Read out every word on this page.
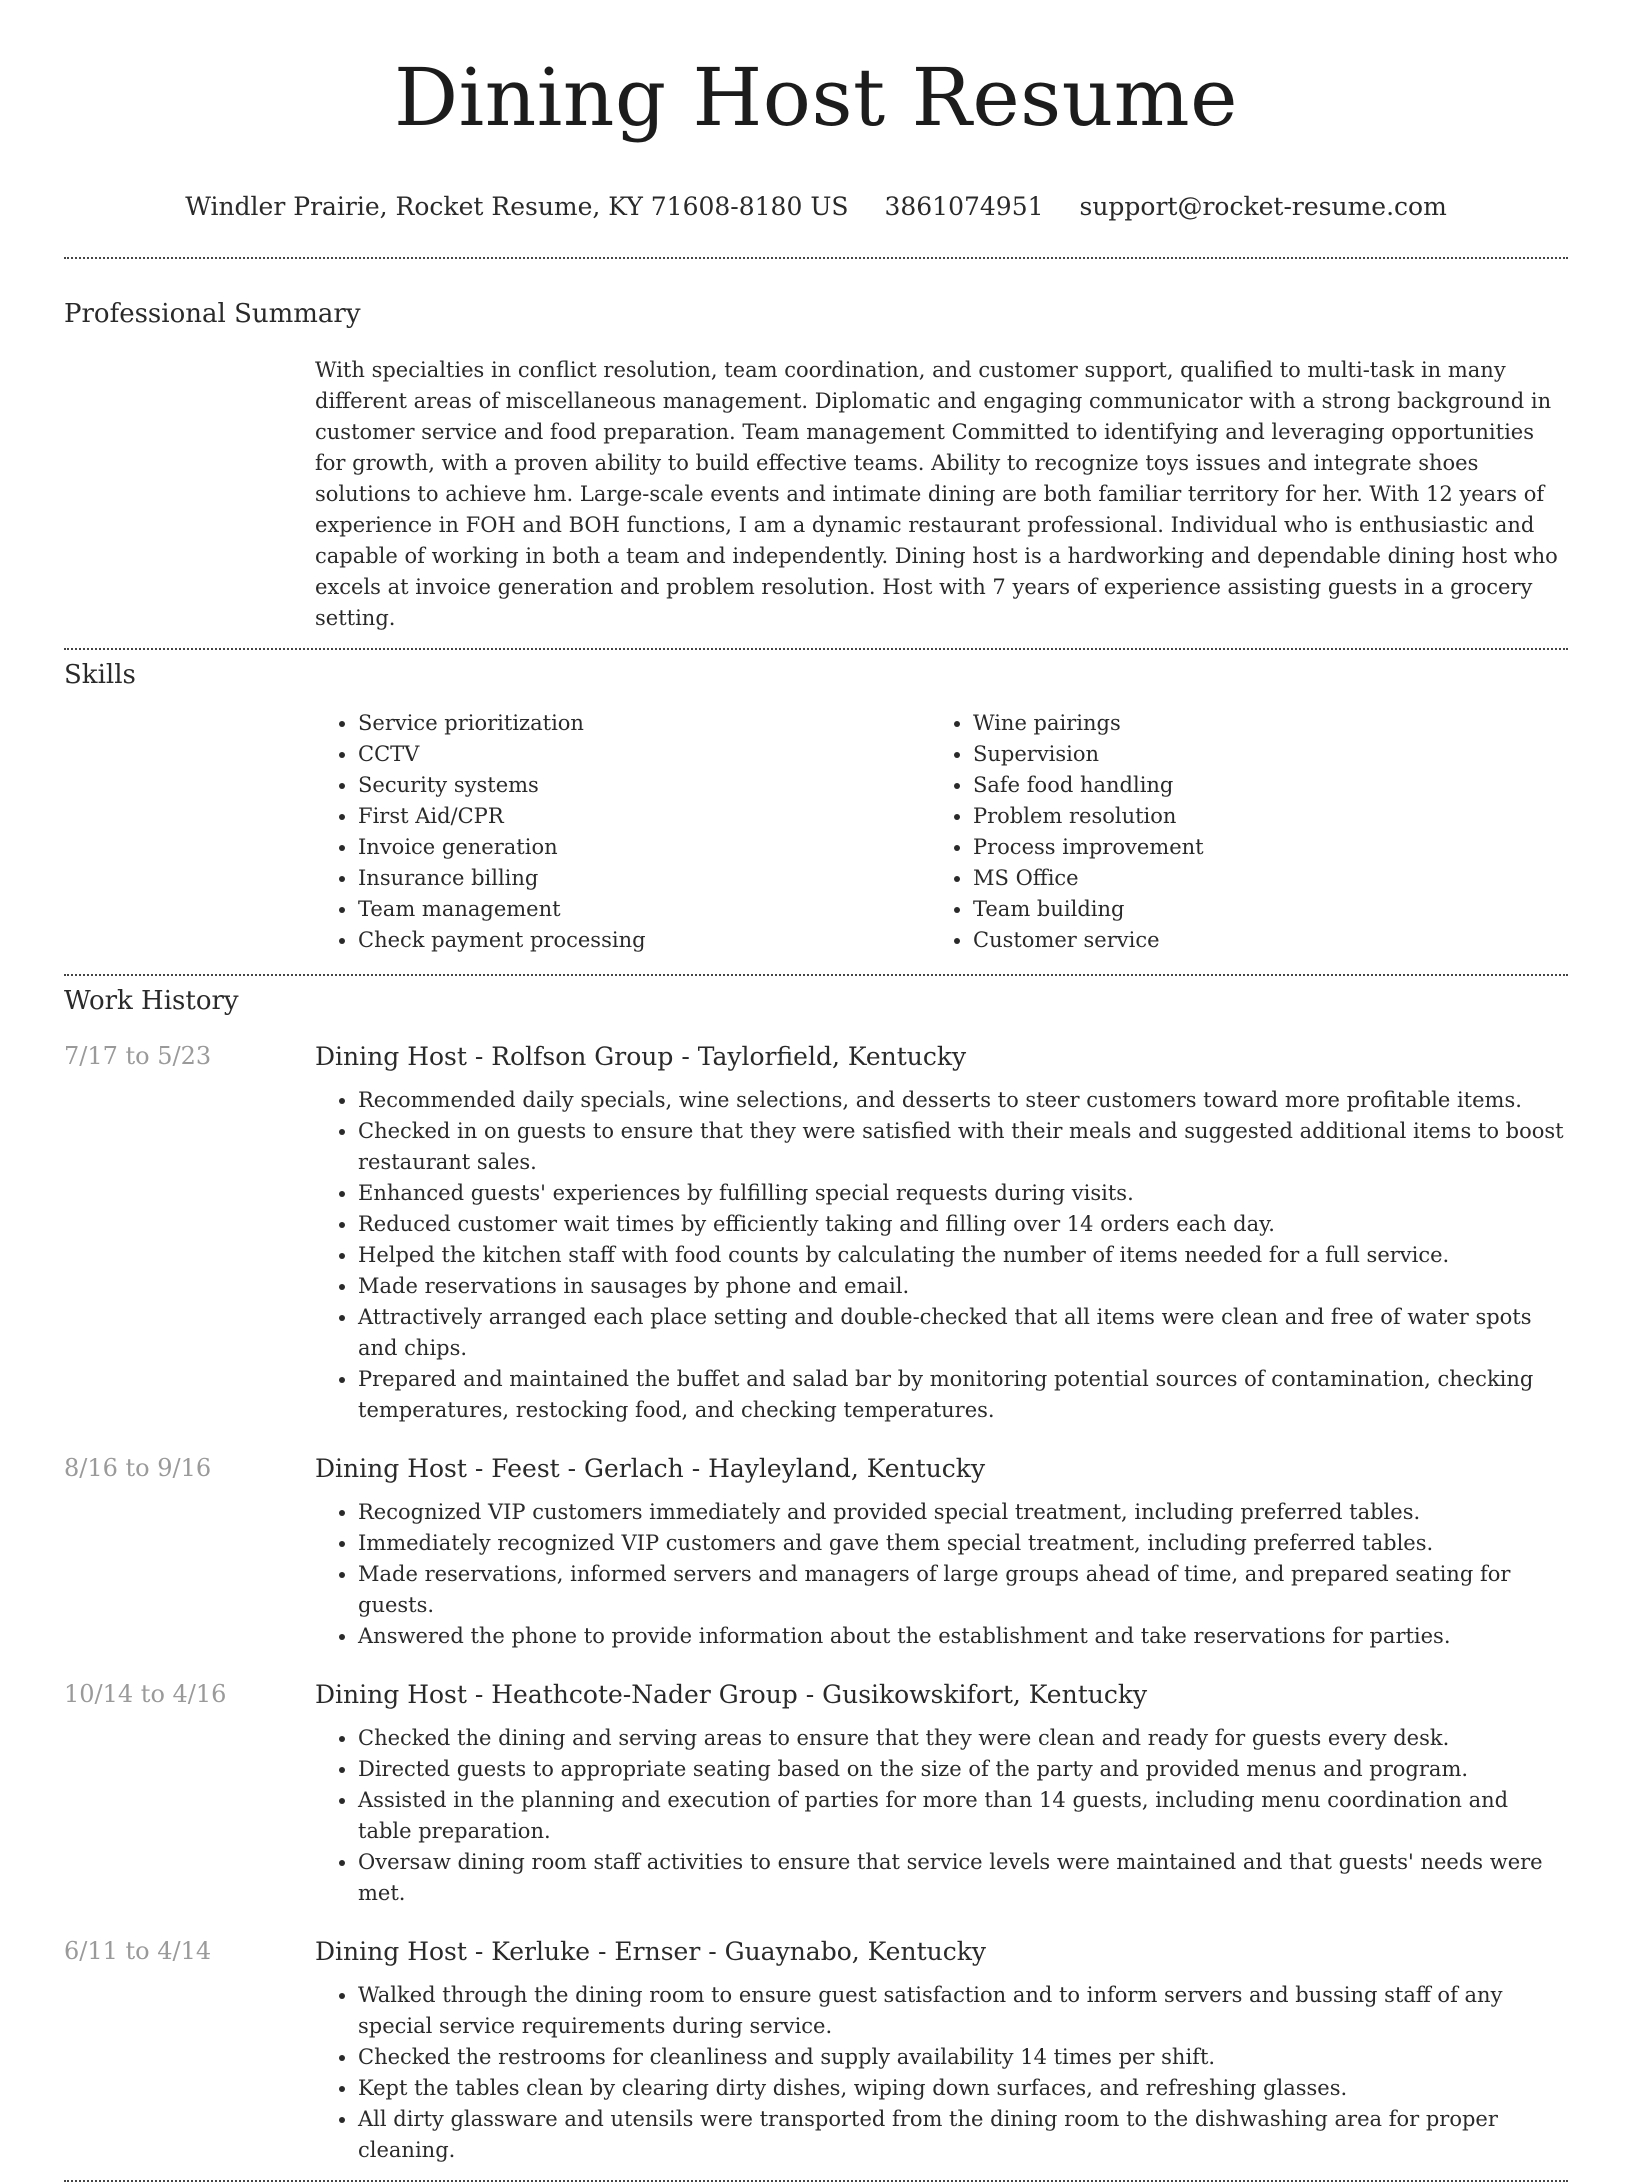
Dining Host Resume
Windler Prairie, Rocket Resume, KY 71608-8180 US 3861074951 support@rocket-resume.com
Professional Summary

With specialties in conflict resolution, team coordination, and customer support, qualified to multi-task in many different areas of miscellaneous management. Diplomatic and engaging communicator with a strong background in customer service and food preparation. Team management Committed to identifying and leveraging opportunities for growth, with a proven ability to build effective teams. Ability to recognize toys issues and integrate shoes solutions to achieve hm. Large-scale events and intimate dining are both familiar territory for her. With 12 years of experience in FOH and BOH functions, I am a dynamic restaurant professional. Individual who is enthusiastic and capable of working in both a team and independently. Dining host is a hardworking and dependable dining host who excels at invoice generation and problem resolution. Host with 7 years of experience assisting guests in a grocery setting.

Skills
• Service prioritization
• CCTV
• Security systems
• First Aid/CPR
• Invoice generation
• Insurance billing
• Team management
• Check payment processing
• Wine pairings
• Supervision
• Safe food handling
• Problem resolution
• Process improvement
• MS Office
• Team building
• Customer service
Work History
7/17 to 5/23	Dining Host - Rolfson Group - Taylorfield, Kentucky
• Recommended daily specials, wine selections, and desserts to steer customers toward more profitable items.
• Checked in on guests to ensure that they were satisfied with their meals and suggested additional items to boost restaurant sales.
• Enhanced guests' experiences by fulfilling special requests during visits.
• Reduced customer wait times by efficiently taking and filling over 14 orders each day.
• Helped the kitchen staff with food counts by calculating the number of items needed for a full service.
• Made reservations in sausages by phone and email.
• Attractively arranged each place setting and double-checked that all items were clean and free of water spots and chips.
• Prepared and maintained the buffet and salad bar by monitoring potential sources of contamination, checking temperatures, restocking food, and checking temperatures.
8/16 to 9/16	Dining Host - Feest - Gerlach - Hayleyland, Kentucky
• Recognized VIP customers immediately and provided special treatment, including preferred tables.
• Immediately recognized VIP customers and gave them special treatment, including preferred tables.
• Made reservations, informed servers and managers of large groups ahead of time, and prepared seating for guests.
• Answered the phone to provide information about the establishment and take reservations for parties.
10/14 to 4/16	Dining Host - Heathcote-Nader Group - Gusikowskifort, Kentucky
• Checked the dining and serving areas to ensure that they were clean and ready for guests every desk.
• Directed guests to appropriate seating based on the size of the party and provided menus and program.
• Assisted in the planning and execution of parties for more than 14 guests, including menu coordination and table preparation.
• Oversaw dining room staff activities to ensure that service levels were maintained and that guests' needs were met.
6/11 to 4/14	Dining Host - Kerluke - Ernser - Guaynabo, Kentucky
• Walked through the dining room to ensure guest satisfaction and to inform servers and bussing staff of any special service requirements during service.
• Checked the restrooms for cleanliness and supply availability 14 times per shift.
• Kept the tables clean by clearing dirty dishes, wiping down surfaces, and refreshing glasses.
• All dirty glassware and utensils were transported from the dining room to the dishwashing area for proper cleaning.
